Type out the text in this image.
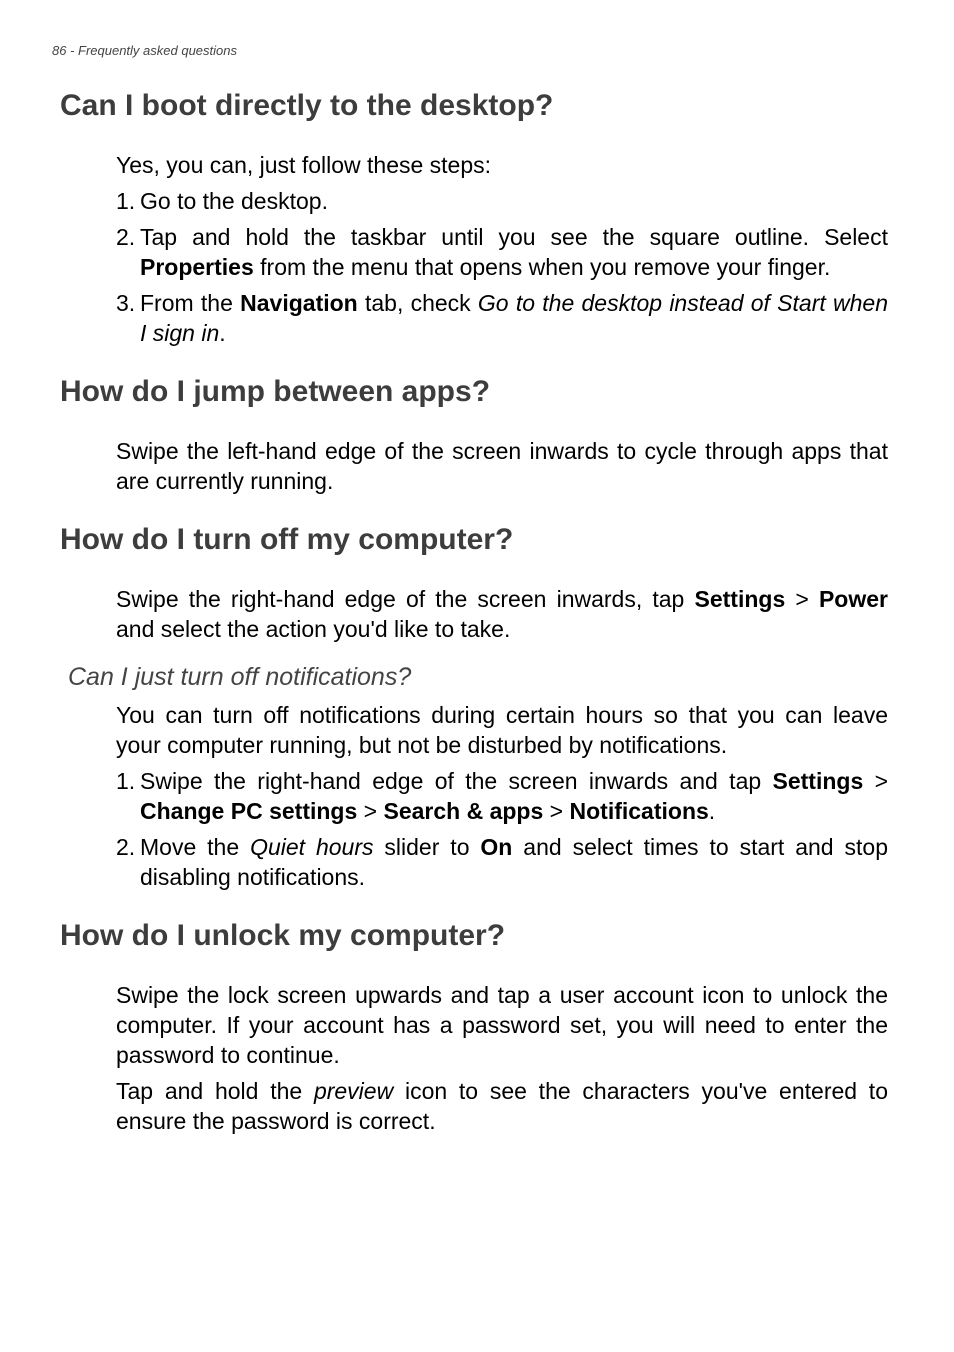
86 - Frequently asked questions

Can I boot directly to the desktop?

Yes, you can, just follow these steps:

1. Go to the desktop.
2. Tap and hold the taskbar until you see the square outline. Select Properties from the menu that opens when you remove your finger.
3. From the Navigation tab, check Go to the desktop instead of Start when I sign in.
How do I jump between apps?

Swipe the left-hand edge of the screen inwards to cycle through apps that are currently running.

How do I turn off my computer?

Swipe the right-hand edge of the screen inwards, tap Settings > Power and select the action you'd like to take.

Can I just turn off notifications?

You can turn off notifications during certain hours so that you can leave your computer running, but not be disturbed by notifications.

1. Swipe the right-hand edge of the screen inwards and tap Settings > Change PC settings > Search & apps > Notifications.
2. Move the Quiet hours slider to On and select times to start and stop disabling notifications.
How do I unlock my computer?

Swipe the lock screen upwards and tap a user account icon to unlock the computer. If your account has a password set, you will need to enter the password to continue.

Tap and hold the preview icon to see the characters you've entered to ensure the password is correct.
